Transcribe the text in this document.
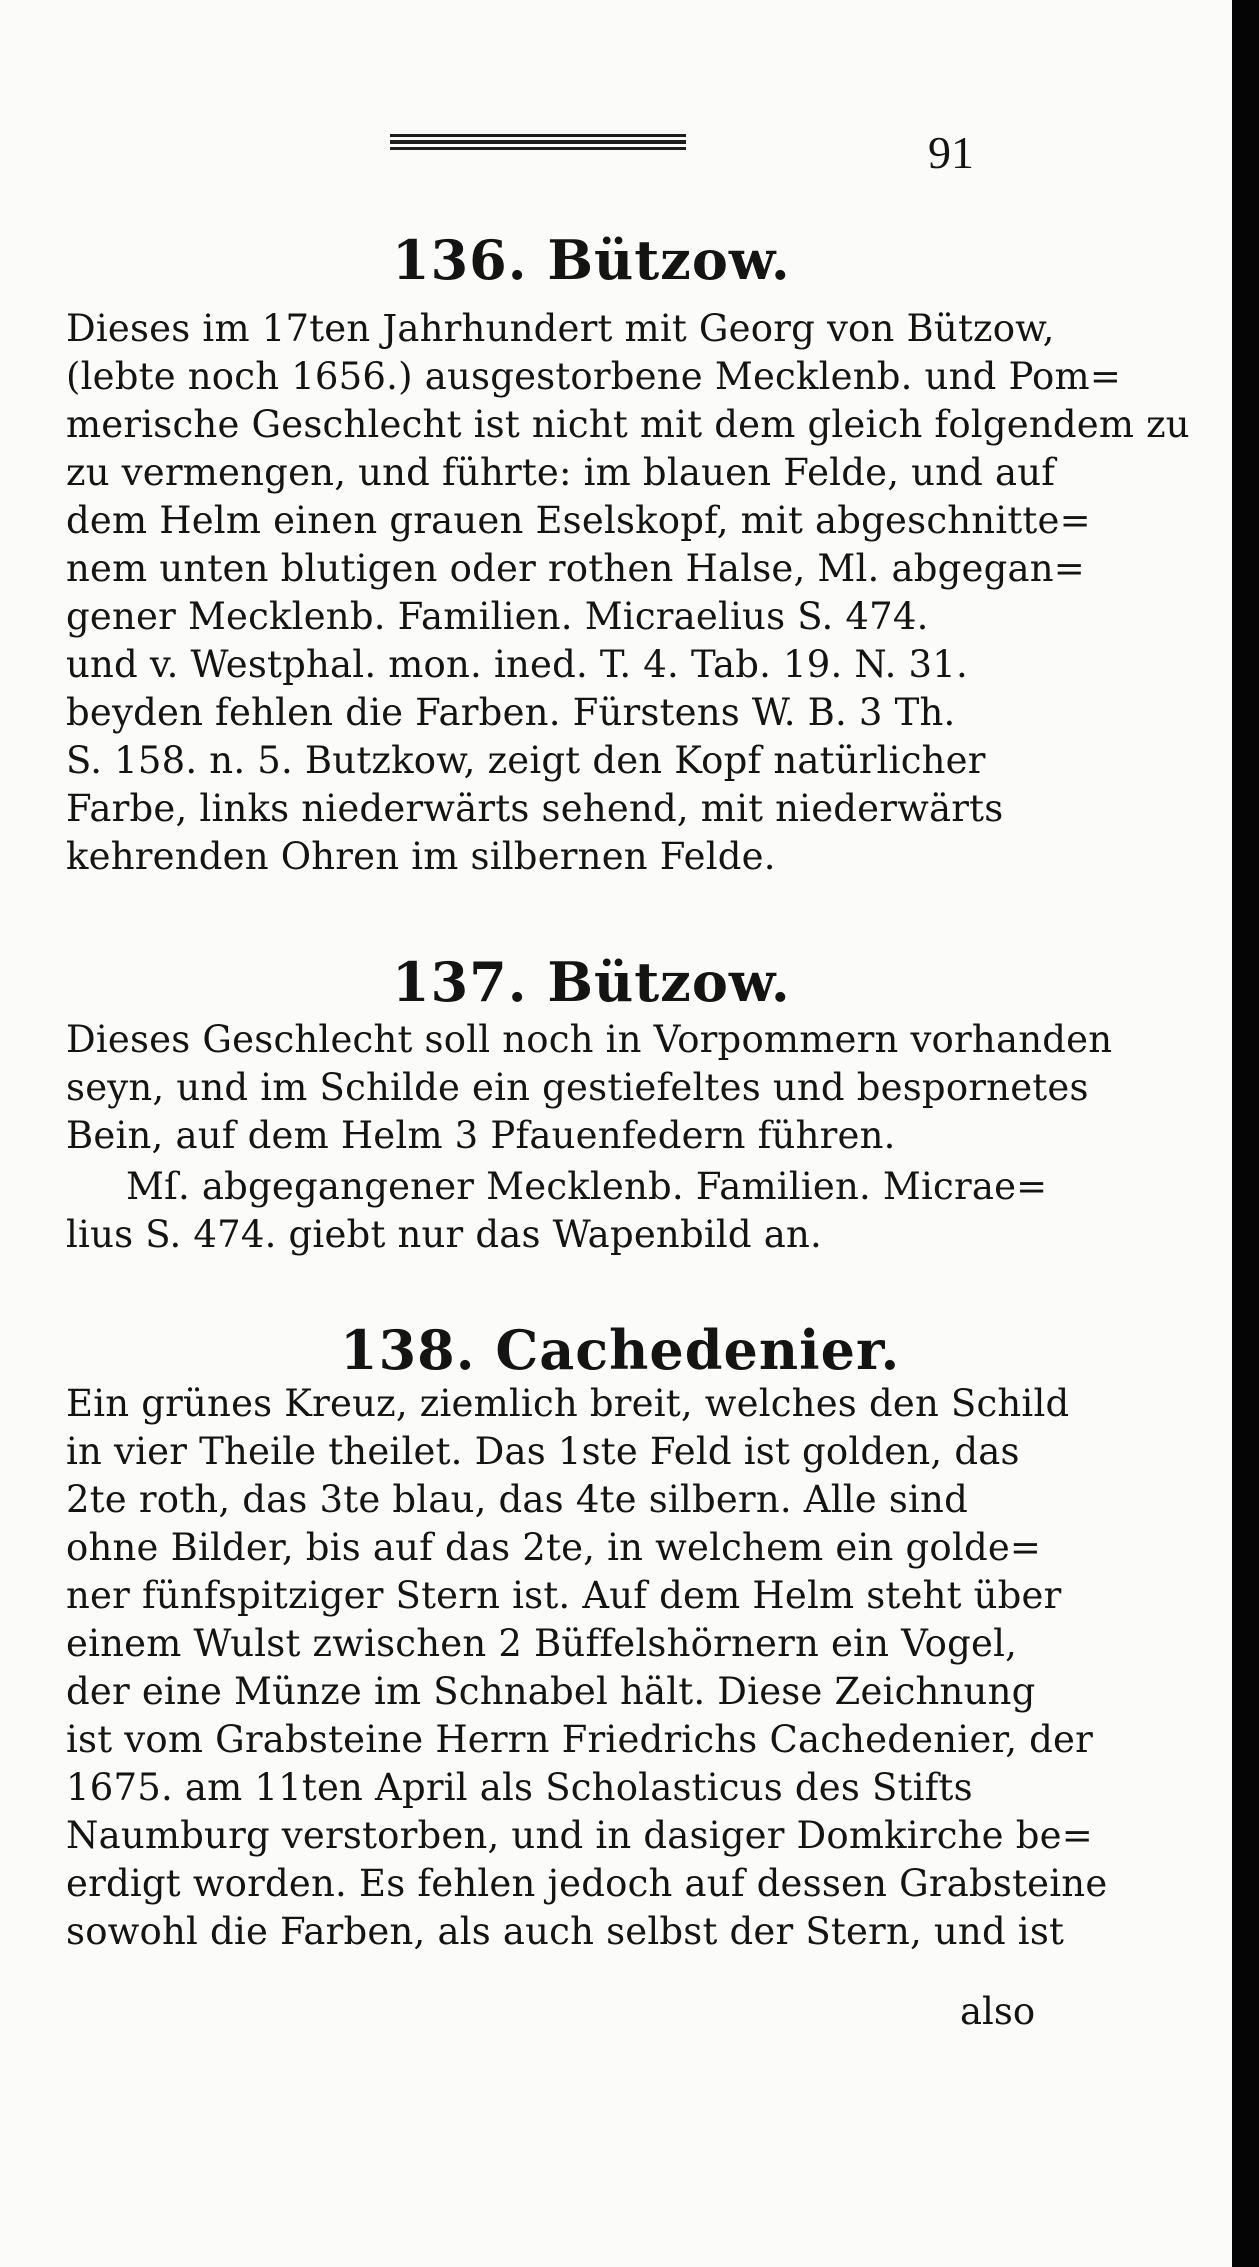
91
136. Bützow.
Dieses im 17ten Jahrhundert mit Georg von Bützow,
(lebte noch 1656.) ausgestorbene Mecklenb. und Pom=
merische Geschlecht ist nicht mit dem gleich folgendem zu
zu vermengen, und führte: im blauen Felde, und auf
dem Helm einen grauen Eselskopf, mit abgeschnitte=
nem unten blutigen oder rothen Halse, Ml. abgegan=
gener Mecklenb. Familien. Micraelius S. 474.
und v. Westphal. mon. ined. T. 4. Tab. 19. N. 31.
beyden fehlen die Farben. Fürstens W. B. 3 Th.
S. 158. n. 5. Butzkow, zeigt den Kopf natürlicher
Farbe, links niederwärts sehend, mit niederwärts
kehrenden Ohren im silbernen Felde.
137. Bützow.
Dieses Geschlecht soll noch in Vorpommern vorhanden
seyn, und im Schilde ein gestiefeltes und bespornetes
Bein, auf dem Helm 3 Pfauenfedern führen.
Mſ. abgegangener Mecklenb. Familien. Micrae=
lius S. 474. giebt nur das Wapenbild an.
138. Cachedenier.
Ein grünes Kreuz, ziemlich breit, welches den Schild
in vier Theile theilet. Das 1ste Feld ist golden, das
2te roth, das 3te blau, das 4te silbern. Alle sind
ohne Bilder, bis auf das 2te, in welchem ein golde=
ner fünfspitziger Stern ist. Auf dem Helm steht über
einem Wulst zwischen 2 Büffelshörnern ein Vogel,
der eine Münze im Schnabel hält. Diese Zeichnung
ist vom Grabsteine Herrn Friedrichs Cachedenier, der
1675. am 11ten April als Scholasticus des Stifts
Naumburg verstorben, und in dasiger Domkirche be=
erdigt worden. Es fehlen jedoch auf dessen Grabsteine
sowohl die Farben, als auch selbst der Stern, und ist
also
